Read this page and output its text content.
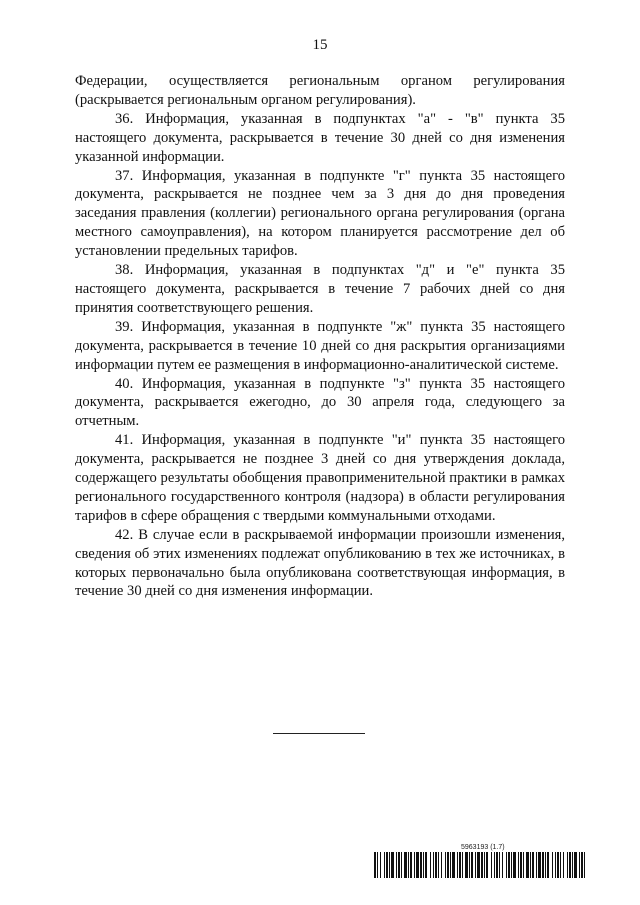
15

Федерации, осуществляется региональным органом регулирования (раскрывается региональным органом регулирования).

36. Информация, указанная в подпунктах "а" - "в" пункта 35 настоящего документа, раскрывается в течение 30 дней со дня изменения указанной информации.

37. Информация, указанная в подпункте "г" пункта 35 настоящего документа, раскрывается не позднее чем за 3 дня до дня проведения заседания правления (коллегии) регионального органа регулирования (органа местного самоуправления), на котором планируется рассмотрение дел об установлении предельных тарифов.

38. Информация, указанная в подпунктах "д" и "е" пункта 35 настоящего документа, раскрывается в течение 7 рабочих дней со дня принятия соответствующего решения.

39. Информация, указанная в подпункте "ж" пункта 35 настоящего документа, раскрывается в течение 10 дней со дня раскрытия организациями информации путем ее размещения в информационно-аналитической системе.

40. Информация, указанная в подпункте "з" пункта 35 настоящего документа, раскрывается ежегодно, до 30 апреля года, следующего за отчетным.

41. Информация, указанная в подпункте "и" пункта 35 настоящего документа, раскрывается не позднее 3 дней со дня утверждения доклада, содержащего результаты обобщения правоприменительной практики в рамках регионального государственного контроля (надзора) в области регулирования тарифов в сфере обращения с твердыми коммунальными отходами.

42. В случае если в раскрываемой информации произошли изменения, сведения об этих изменениях подлежат опубликованию в тех же источниках, в которых первоначально была опубликована соответствующая информация, в течение 30 дней со дня изменения информации.

5963193 (1.7)
